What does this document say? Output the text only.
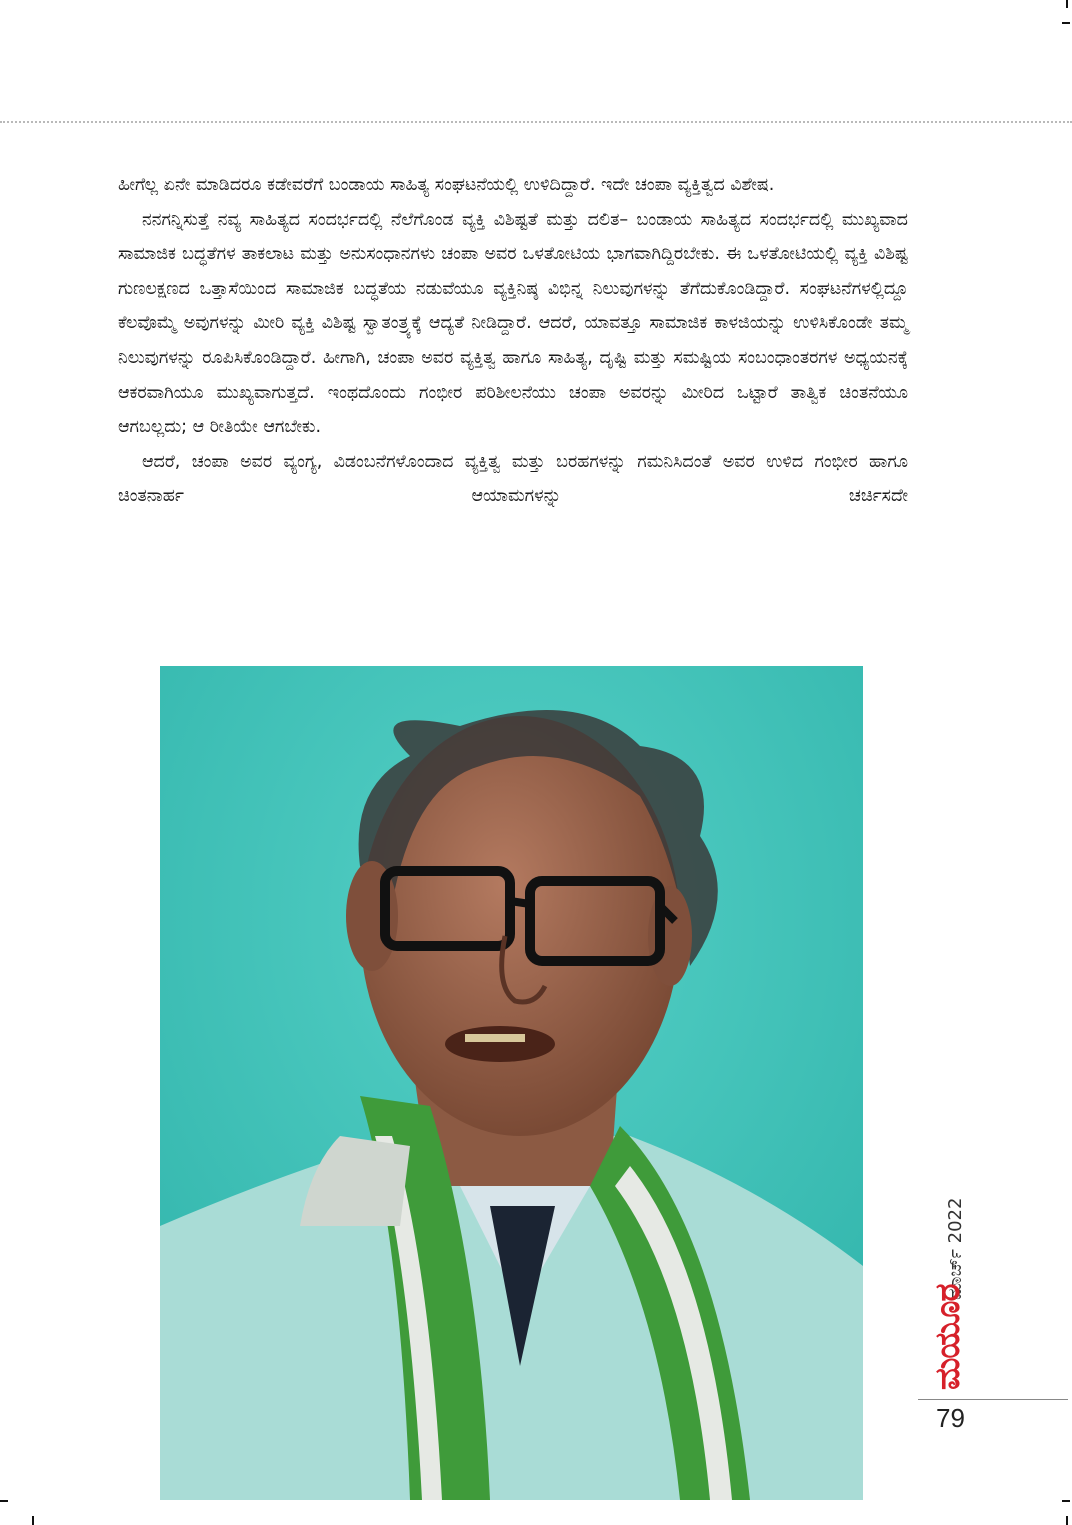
ಹೀಗೆಲ್ಲ ಏನೇ ಮಾಡಿದರೂ ಕಡೇವರೆಗೆ ಬಂಡಾಯ ಸಾಹಿತ್ಯ ಸಂಘಟನೆಯಲ್ಲಿ ಉಳಿದಿದ್ದಾರೆ. ಇದೇ ಚಂಪಾ ವ್ಯಕ್ತಿತ್ವದ ವಿಶೇಷ.

ನನಗನ್ನಿಸುತ್ತೆ ನವ್ಯ ಸಾಹಿತ್ಯದ ಸಂದರ್ಭದಲ್ಲಿ ನೆಲೆಗೊಂಡ ವ್ಯಕ್ತಿ ವಿಶಿಷ್ಟತೆ ಮತ್ತು ದಲಿತ– ಬಂಡಾಯ ಸಾಹಿತ್ಯದ ಸಂದರ್ಭದಲ್ಲಿ ಮುಖ್ಯವಾದ ಸಾಮಾಜಿಕ ಬದ್ಧತೆಗಳ ತಾಕಲಾಟ ಮತ್ತು ಅನುಸಂಧಾನಗಳು ಚಂಪಾ ಅವರ ಒಳತೋಟಿಯ ಭಾಗವಾಗಿದ್ದಿರಬೇಕು. ಈ ಒಳತೋಟಿಯಲ್ಲಿ ವ್ಯಕ್ತಿ ವಿಶಿಷ್ಟ ಗುಣಲಕ್ಷಣದ ಒತ್ತಾಸೆಯಿಂದ ಸಾಮಾಜಿಕ ಬದ್ಧತೆಯ ನಡುವೆಯೂ ವ್ಯಕ್ತಿನಿಷ್ಠ ವಿಭಿನ್ನ ನಿಲುವುಗಳನ್ನು ತೆಗೆದುಕೊಂಡಿದ್ದಾರೆ. ಸಂಘಟನೆಗಳಲ್ಲಿದ್ದೂ ಕೆಲವೊಮ್ಮೆ ಅವುಗಳನ್ನು ಮೀರಿ ವ್ಯಕ್ತಿ ವಿಶಿಷ್ಟ ಸ್ವಾತಂತ್ರ್ಯಕ್ಕೆ ಆದ್ಯತೆ ನೀಡಿದ್ದಾರೆ. ಆದರೆ, ಯಾವತ್ತೂ ಸಾಮಾಜಿಕ ಕಾಳಜಿಯನ್ನು ಉಳಿಸಿಕೊಂಡೇ ತಮ್ಮ ನಿಲುವುಗಳನ್ನು ರೂಪಿಸಿಕೊಂಡಿದ್ದಾರೆ. ಹೀಗಾಗಿ, ಚಂಪಾ ಅವರ ವ್ಯಕ್ತಿತ್ವ ಹಾಗೂ ಸಾಹಿತ್ಯ, ದೃಷ್ಟಿ ಮತ್ತು ಸಮಷ್ಟಿಯ ಸಂಬಂಧಾಂತರಗಳ ಅಧ್ಯಯನಕ್ಕೆ ಆಕರವಾಗಿಯೂ ಮುಖ್ಯವಾಗುತ್ತದೆ. ಇಂಥದೊಂದು ಗಂಭೀರ ಪರಿಶೀಲನೆಯು ಚಂಪಾ ಅವರನ್ನು ಮೀರಿದ ಒಟ್ಟಾರೆ ತಾತ್ವಿಕ ಚಿಂತನೆಯೂ ಆಗಬಲ್ಲದು; ಆ ರೀತಿಯೇ ಆಗಬೇಕು.

ಆದರೆ, ಚಂಪಾ ಅವರ ವ್ಯಂಗ್ಯ, ವಿಡಂಬನೆಗಳೊಂದಾದ ವ್ಯಕ್ತಿತ್ವ ಮತ್ತು ಬರಹಗಳನ್ನು ಗಮನಿಸಿದಂತೆ ಅವರ ಉಳಿದ ಗಂಭೀರ ಹಾಗೂ ಚಿಂತನಾರ್ಹ ಆಯಾಮಗಳನ್ನು ಚರ್ಚಿಸದೇ

ಮಾರ್ಚ್ 2022
ಮಯೂರ
79
